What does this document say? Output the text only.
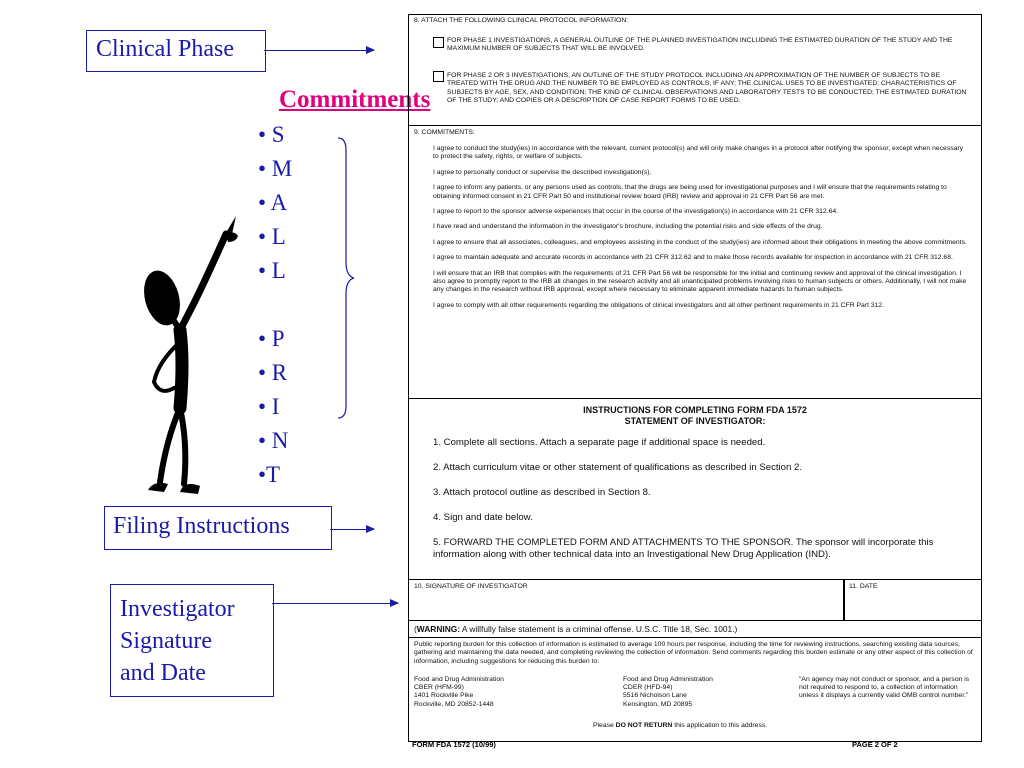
Clinical Phase
Commitments
• S
• M
• A
• L
• L
• P
• R
• I
• N
•T
Filing Instructions
Investigator
Signature
and Date
8. ATTACH THE FOLLOWING CLINICAL PROTOCOL INFORMATION:
FOR PHASE 1 INVESTIGATIONS, A GENERAL OUTLINE OF THE PLANNED INVESTIGATION INCLUDING THE ESTIMATED DURATION OF THE STUDY AND THE MAXIMUM NUMBER OF SUBJECTS THAT WILL BE INVOLVED.
FOR PHASE 2 OR 3 INVESTIGATIONS, AN OUTLINE OF THE STUDY PROTOCOL INCLUDING AN APPROXIMATION OF THE NUMBER OF SUBJECTS TO BE TREATED WITH THE DRUG AND THE NUMBER TO BE EMPLOYED AS CONTROLS, IF ANY; THE CLINICAL USES TO BE INVESTIGATED; CHARACTERISTICS OF SUBJECTS BY AGE, SEX, AND CONDITION; THE KIND OF CLINICAL OBSERVATIONS AND LABORATORY TESTS TO BE CONDUCTED; THE ESTIMATED DURATION OF THE STUDY; AND COPIES OR A DESCRIPTION OF CASE REPORT FORMS TO BE USED.
9. COMMITMENTS:
I agree to conduct the study(ies) in accordance with the relevant, current protocol(s) and will only make changes in a protocol after notifying the sponsor, except when necessary to protect the safety, rights, or welfare of subjects.
I agree to personally conduct or supervise the described investigation(s).
I agree to inform any patients, or any persons used as controls, that the drugs are being used for investigational purposes and I will ensure that the requirements relating to obtaining informed consent in 21 CFR Part 50 and institutional review board (IRB) review and approval in 21 CFR Part 56 are met.
I agree to report to the sponsor adverse experiences that occur in the course of the investigation(s) in accordance with 21 CFR 312.64.
I have read and understand the information in the investigator's brochure, including the potential risks and side effects of the drug.
I agree to ensure that all associates, colleagues, and employees assisting in the conduct of the study(ies) are informed about their obligations in meeting the above commitments.
I agree to maintain adequate and accurate records in accordance with 21 CFR 312.62 and to make those records available for inspection in accordance with 21 CFR 312.68.
I will ensure that an IRB that complies with the requirements of 21 CFR Part 56 will be responsible for the initial and continuing review and approval of the clinical investigation. I also agree to promptly report to the IRB all changes in the research activity and all unanticipated problems involving risks to human subjects or others. Additionally, I will not make any changes in the research without IRB approval, except where necessary to eliminate apparent immediate hazards to human subjects.
I agree to comply with all other requirements regarding the obligations of clinical investigators and all other pertinent requirements in 21 CFR Part 312.
INSTRUCTIONS FOR COMPLETING FORM FDA 1572
STATEMENT OF INVESTIGATOR:
1. Complete all sections. Attach a separate page if additional space is needed.
2. Attach curriculum vitae or other statement of qualifications as described in Section 2.
3. Attach protocol outline as described in Section 8.
4. Sign and date below.
5. FORWARD THE COMPLETED FORM AND ATTACHMENTS TO THE SPONSOR. The sponsor will incorporate this information along with other technical data into an Investigational New Drug Application (IND).
10. SIGNATURE OF INVESTIGATOR	11. DATE
(WARNING: A willfully false statement is a criminal offense. U.S.C. Title 18, Sec. 1001.)
Public reporting burden for this collection of information is estimated to average 100 hours per response, including the time for reviewing instructions, searching existing data sources, gathering and maintaining the data needed, and completing reviewing the collection of information. Send comments regarding this burden estimate or any other aspect of this collection of information, including suggestions for reducing this burden to:
Food and Drug Administration
CBER (HFM-99)
1401 Rockville Pike
Rockville, MD 20852-1448
Food and Drug Administration
CDER (HFD-94)
5516 Nicholson Lane
Kensington, MD 20895
"An agency may not conduct or sponsor, and a person is not required to respond to, a collection of information unless it displays a currently valid OMB control number."
Please DO NOT RETURN this application to this address.
FORM FDA 1572 (10/99)	PAGE 2 OF 2
